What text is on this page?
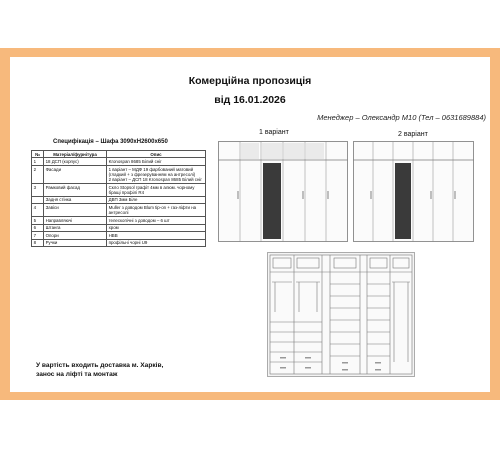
Комерційна пропозиція
від 16.01.2026
Менеджер – Олександр М10 (Тел – 0631689884)
Специфікація – Шафа 3090хН2600х650
№	Матеріал/фурнітура	Опис
1	18 ДСП (корпус)	Kronospan 8685 Білий сніг
2	Фасади	1 варіант – МДФ 19 фарбований матовий (гладкий + з фрезеруванням на антресолі)
2 варіант – ДСП 18 Kronospan 8685 Білий сніг

3	Рамковий фасад	Скло Stopsol графіт 4мм в алюм. чорному бращі профілі R4
	Задня стінка	ДВП 3мм Біле
4	Завіси	Muller з доводом Blum tip-on + газ-ліфти на антресолі
5	Направляючі	телескопічні з доводом – 6 шт
6	Штанга	хром
7	Опори	НВВ
8	Ручки	профільні чорні U9
1 варіант	2 варіант
У вартість входить доставка м. Харків,
занос на ліфті та монтаж
